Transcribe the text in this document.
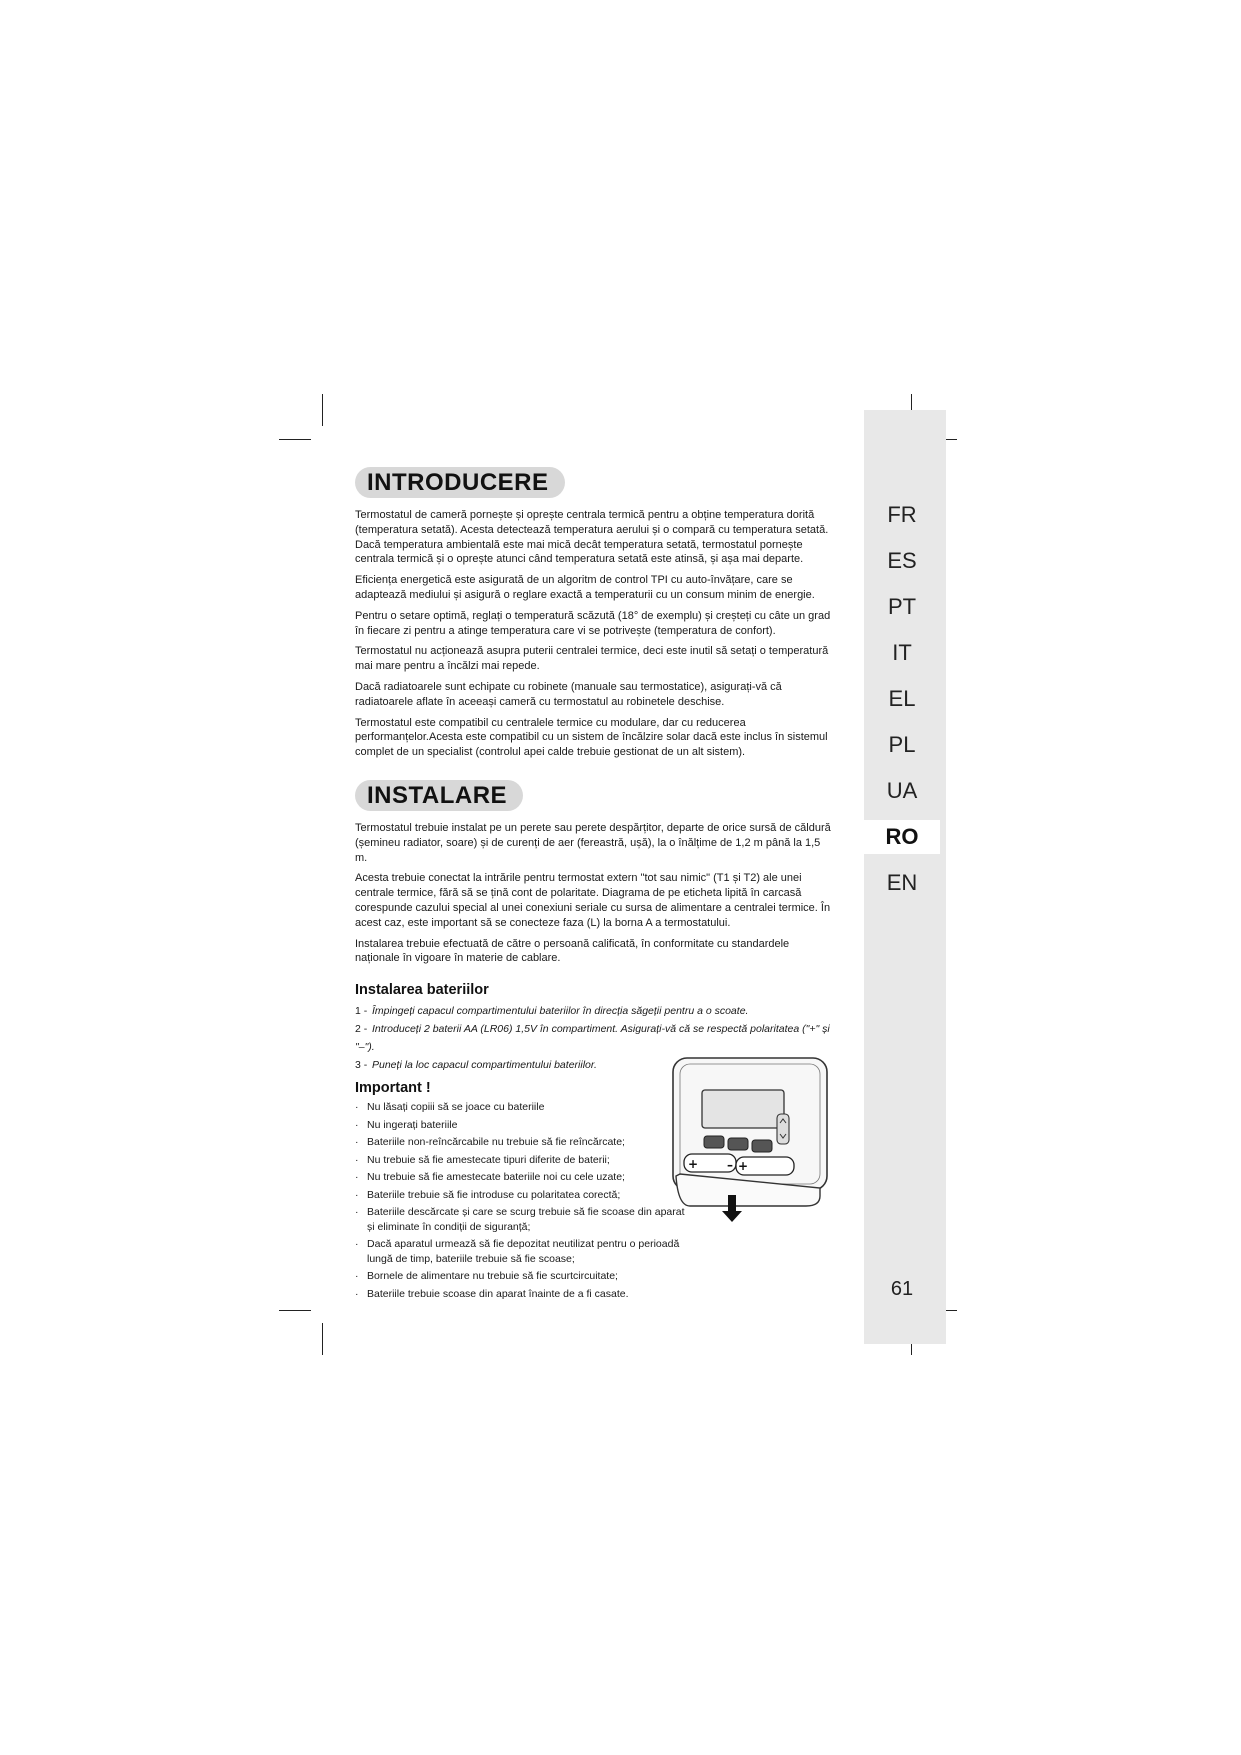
FR
ES
PT
IT
EL
PL
UA
RO
EN
61
INTRODUCERE

Termostatul de cameră pornește și oprește centrala termică pentru a obține temperatura dorită (temperatura setată). Acesta detectează temperatura aerului și o compară cu temperatura setată. Dacă temperatura ambientală este mai mică decât temperatura setată, termostatul pornește centrala termică și o oprește atunci când temperatura setată este atinsă, și așa mai departe.

Eficiența energetică este asigurată de un algoritm de control TPI cu auto-învățare, care se adaptează mediului și asigură o reglare exactă a temperaturii cu un consum minim de energie.

Pentru o setare optimă, reglați o temperatură scăzută (18° de exemplu) și creșteți cu câte un grad în fiecare zi pentru a atinge temperatura care vi se potrivește (temperatura de confort).

Termostatul nu acționează asupra puterii centralei termice, deci este inutil să setați o temperatură mai mare pentru a încălzi mai repede.

Dacă radiatoarele sunt echipate cu robinete (manuale sau termostatice), asigurați-vă că radiatoarele aflate în aceeași cameră cu termostatul au robinetele deschise.

Termostatul este compatibil cu centralele termice cu modulare, dar cu reducerea performanțelor.Acesta este compatibil cu un sistem de încălzire solar dacă este inclus în sistemul complet de un specialist (controlul apei calde trebuie gestionat de un alt sistem).

INSTALARE

Termostatul trebuie instalat pe un perete sau perete despărțitor, departe de orice sursă de căldură (șemineu radiator, soare) și de curenți de aer (fereastră, ușă), la o înălțime de 1,2 m până la 1,5 m.

Acesta trebuie conectat la intrările pentru termostat extern "tot sau nimic" (T1 și T2) ale unei centrale termice, fără să se țină cont de polaritate. Diagrama de pe eticheta lipită în carcasă corespunde cazului special al unei conexiuni seriale cu sursa de alimentare a centralei termice. În acest caz, este important să se conecteze faza (L) la borna A a termostatului.

Instalarea trebuie efectuată de către o persoană calificată, în conformitate cu standardele naționale în vigoare în materie de cablare.

Instalarea bateriilor
1 - Împingeți capacul compartimentului bateriilor în direcția săgeții pentru a o scoate.
2 - Introduceți 2 baterii AA (LR06) 1,5V în compartiment. Asigurați-vă că se respectă polaritatea ("+" și "–").
3 - Puneți la loc capacul compartimentului bateriilor.
Important !
· Nu lăsați copiii să se joace cu bateriile
· Nu ingerați bateriile
· Bateriile non-reîncărcabile nu trebuie să fie reîncărcate;
· Nu trebuie să fie amestecate tipuri diferite de baterii;
· Nu trebuie să fie amestecate bateriile noi cu cele uzate;
· Bateriile trebuie să fie introduse cu polaritatea corectă;
· Bateriile descărcate și care se scurg trebuie să fie scoase din aparat și eliminate în condiții de siguranță;
· Dacă aparatul urmează să fie depozitat neutilizat pentru o perioadă lungă de timp, bateriile trebuie să fie scoase;
· Bornele de alimentare nu trebuie să fie scurtcircuitate;
· Bateriile trebuie scoase din aparat înainte de a fi casate.
+ – +
